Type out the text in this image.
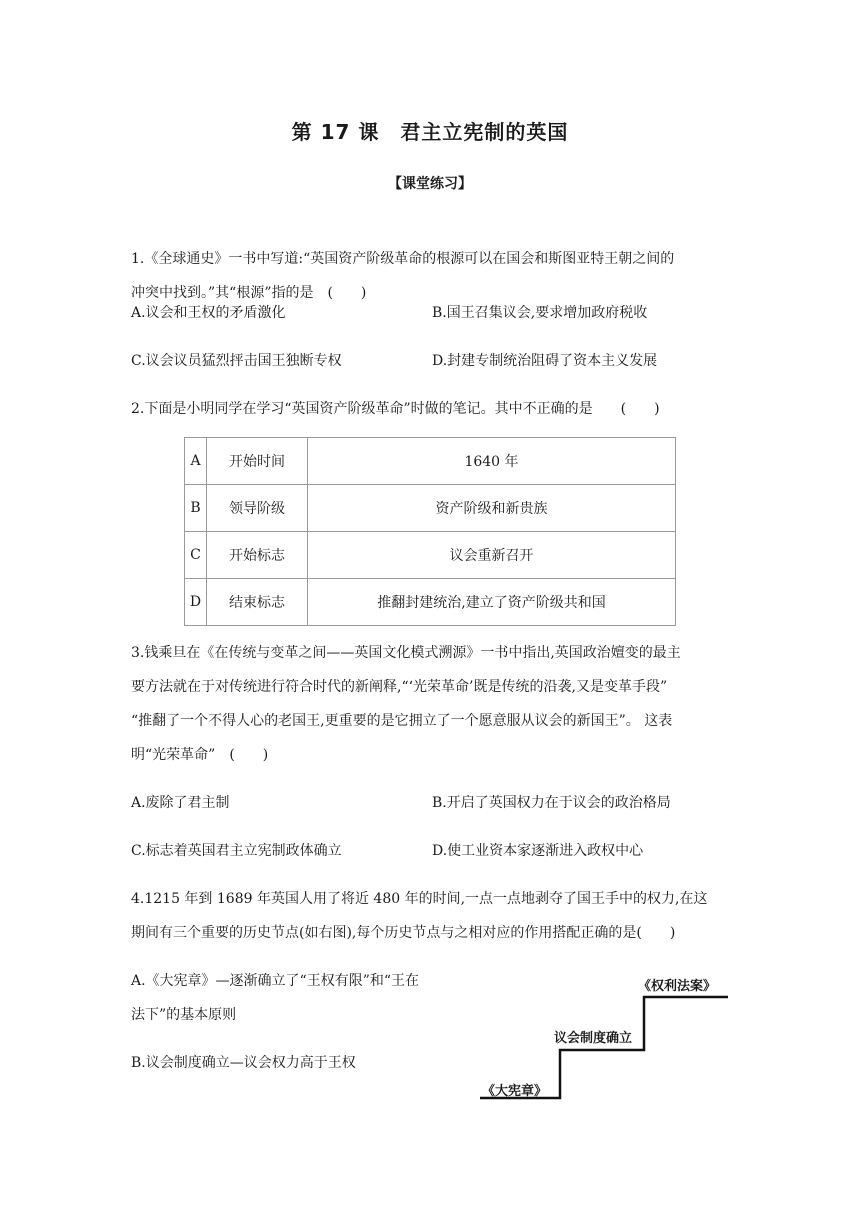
第 17 课　君主立宪制的英国
【课堂练习】
1.《全球通史》一书中写道:“英国资产阶级革命的根源可以在国会和斯图亚特王朝之间的
冲突中找到。”其“根源”指的是　(　　)
A.议会和王权的矛盾激化	B.国王召集议会,要求增加政府税收
C.议会议员猛烈抨击国王独断专权	D.封建专制统治阻碍了资本主义发展
2.下面是小明同学在学习“英国资产阶级革命”时做的笔记。其中不正确的是　　(　　)
A	开始时间	1640 年
B	领导阶级	资产阶级和新贵族
C	开始标志	议会重新召开
D	结束标志	推翻封建统治,建立了资产阶级共和国
3.钱乘旦在《在传统与变革之间——英国文化模式溯源》一书中指出,英国政治嬗变的最主
要方法就在于对传统进行符合时代的新阐释,“‘光荣革命’既是传统的沿袭,又是变革手段”
“推翻了一个不得人心的老国王,更重要的是它拥立了一个愿意服从议会的新国王”。 这表
明“光荣革命”　(　　)
A.废除了君主制	B.开启了英国权力在于议会的政治格局
C.标志着英国君主立宪制政体确立	D.使工业资本家逐渐进入政权中心
4.1215 年到 1689 年英国人用了将近 480 年的时间,一点一点地剥夺了国王手中的权力,在这
期间有三个重要的历史节点(如右图),每个历史节点与之相对应的作用搭配正确的是(　　)
A.《大宪章》—逐渐确立了“王权有限”和“王在
法下”的基本原则
B.议会制度确立—议会权力高于王权
《大宪章》
议会制度确立
《权利法案》
